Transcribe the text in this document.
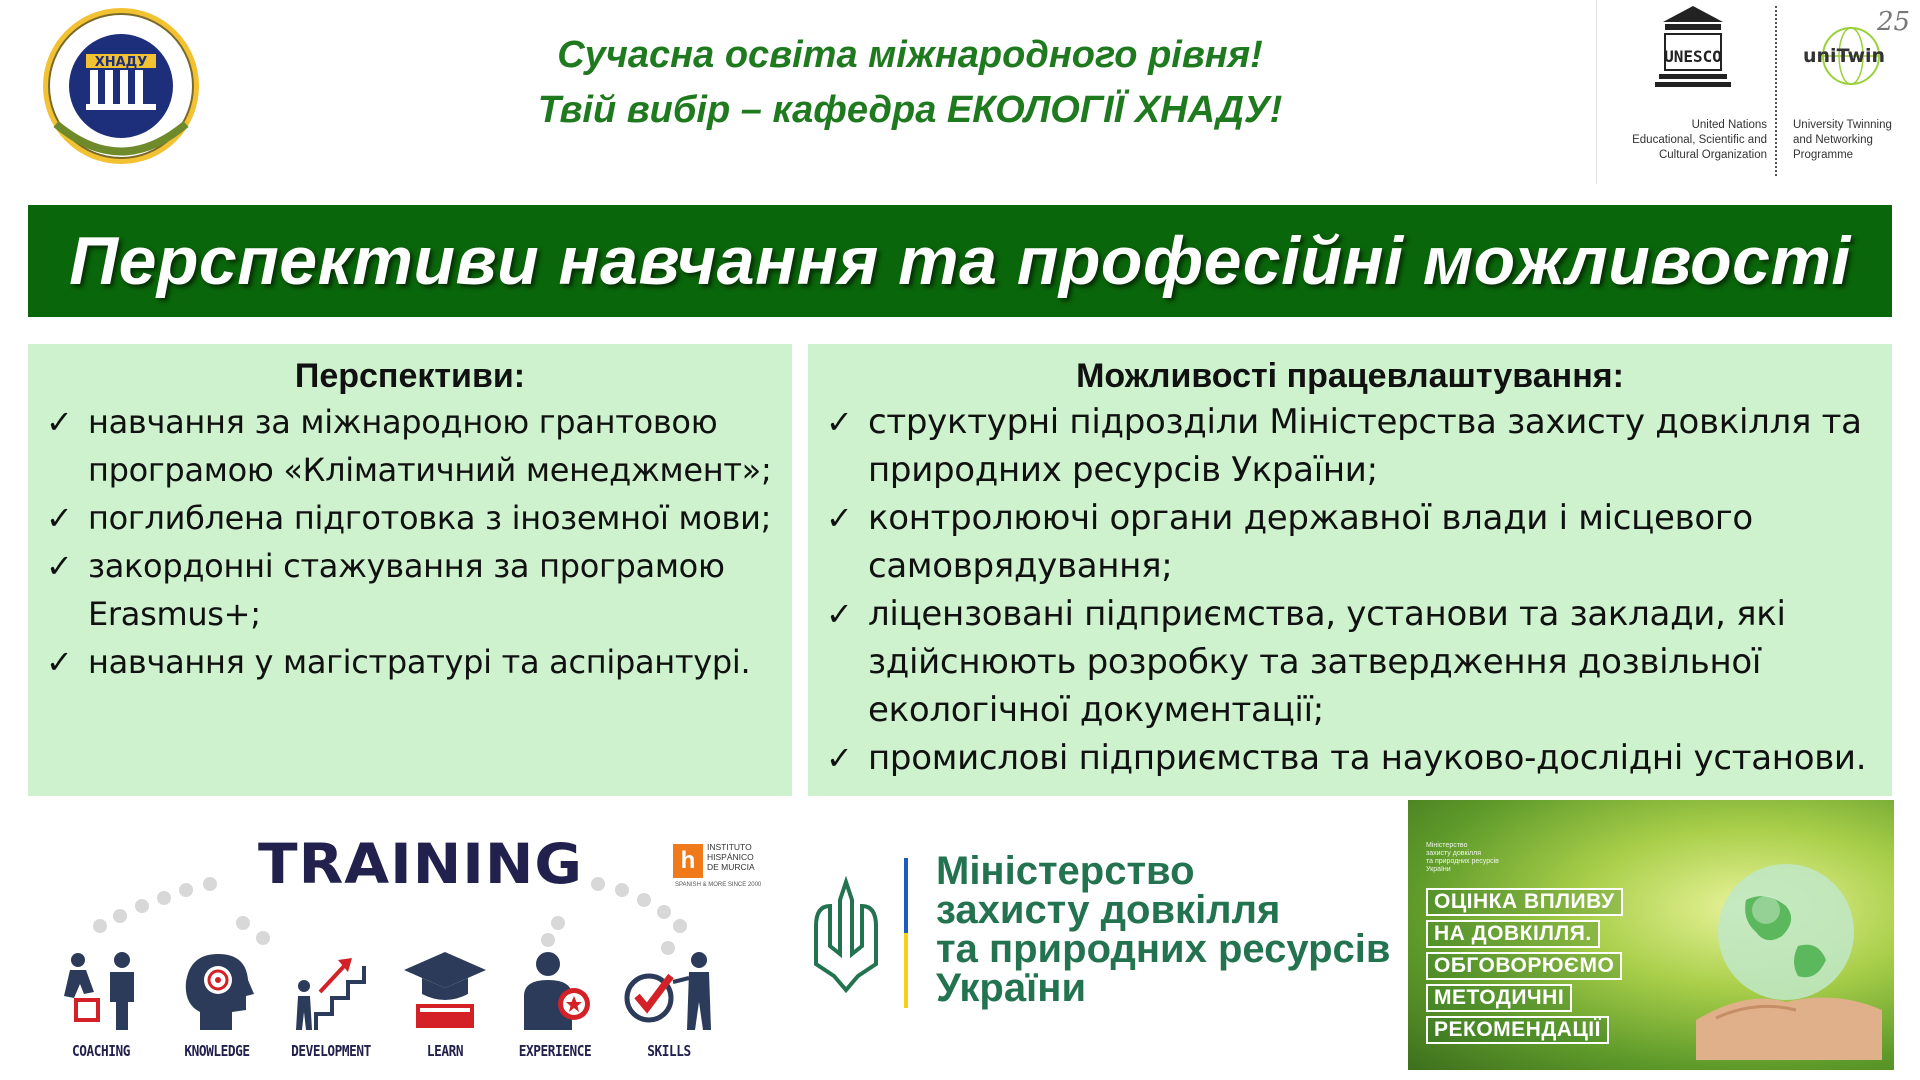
ХНАДУ
1930
Сучасна освіта міжнародного рівня!
Твій вибір – кафедра ЕКОЛОГІЇ ХНАДУ!
UNESCO
United Nations
Educational, Scientific and
Cultural Organization
uniTwin
25
University Twinning
and Networking
Programme
Перспективи навчання та професійні можливості
Перспективи:
✓ навчання за міжнародною грантовою програмою «Кліматичний менеджмент»;
✓ поглиблена підготовка з іноземної мови;
✓ закордонні стажування за програмою Erasmus+;
✓ навчання у магістратурі та аспірантурі.
Можливості працевлаштування:
✓ структурні підрозділи Міністерства захисту довкілля та природних ресурсів України;
✓ контролюючі органи державної влади і місцевого самоврядування;
✓ ліцензовані підприємства, установи та заклади, які здійснюють розробку та затвердження дозвільної екологічної документації;
✓ промислові підприємства та науково-дослідні установи.
TRAINING	h	INSTITUTO
HISPÁNICO
DE MURCIA
SPANISH & MORE SINCE 2000
COACHING	KNOWLEDGE	DEVELOPMENT	LEARN	EXPERIENCE	SKILLS
Міністерство
захисту довкілля
та природних ресурсів
України
Міністерство
захисту довкілля
та природних ресурсів
України
ОЦІНКА ВПЛИВУ
НА ДОВКІЛЛЯ.
ОБГОВОРЮЄМО
МЕТОДИЧНІ
РЕКОМЕНДАЦІЇ
